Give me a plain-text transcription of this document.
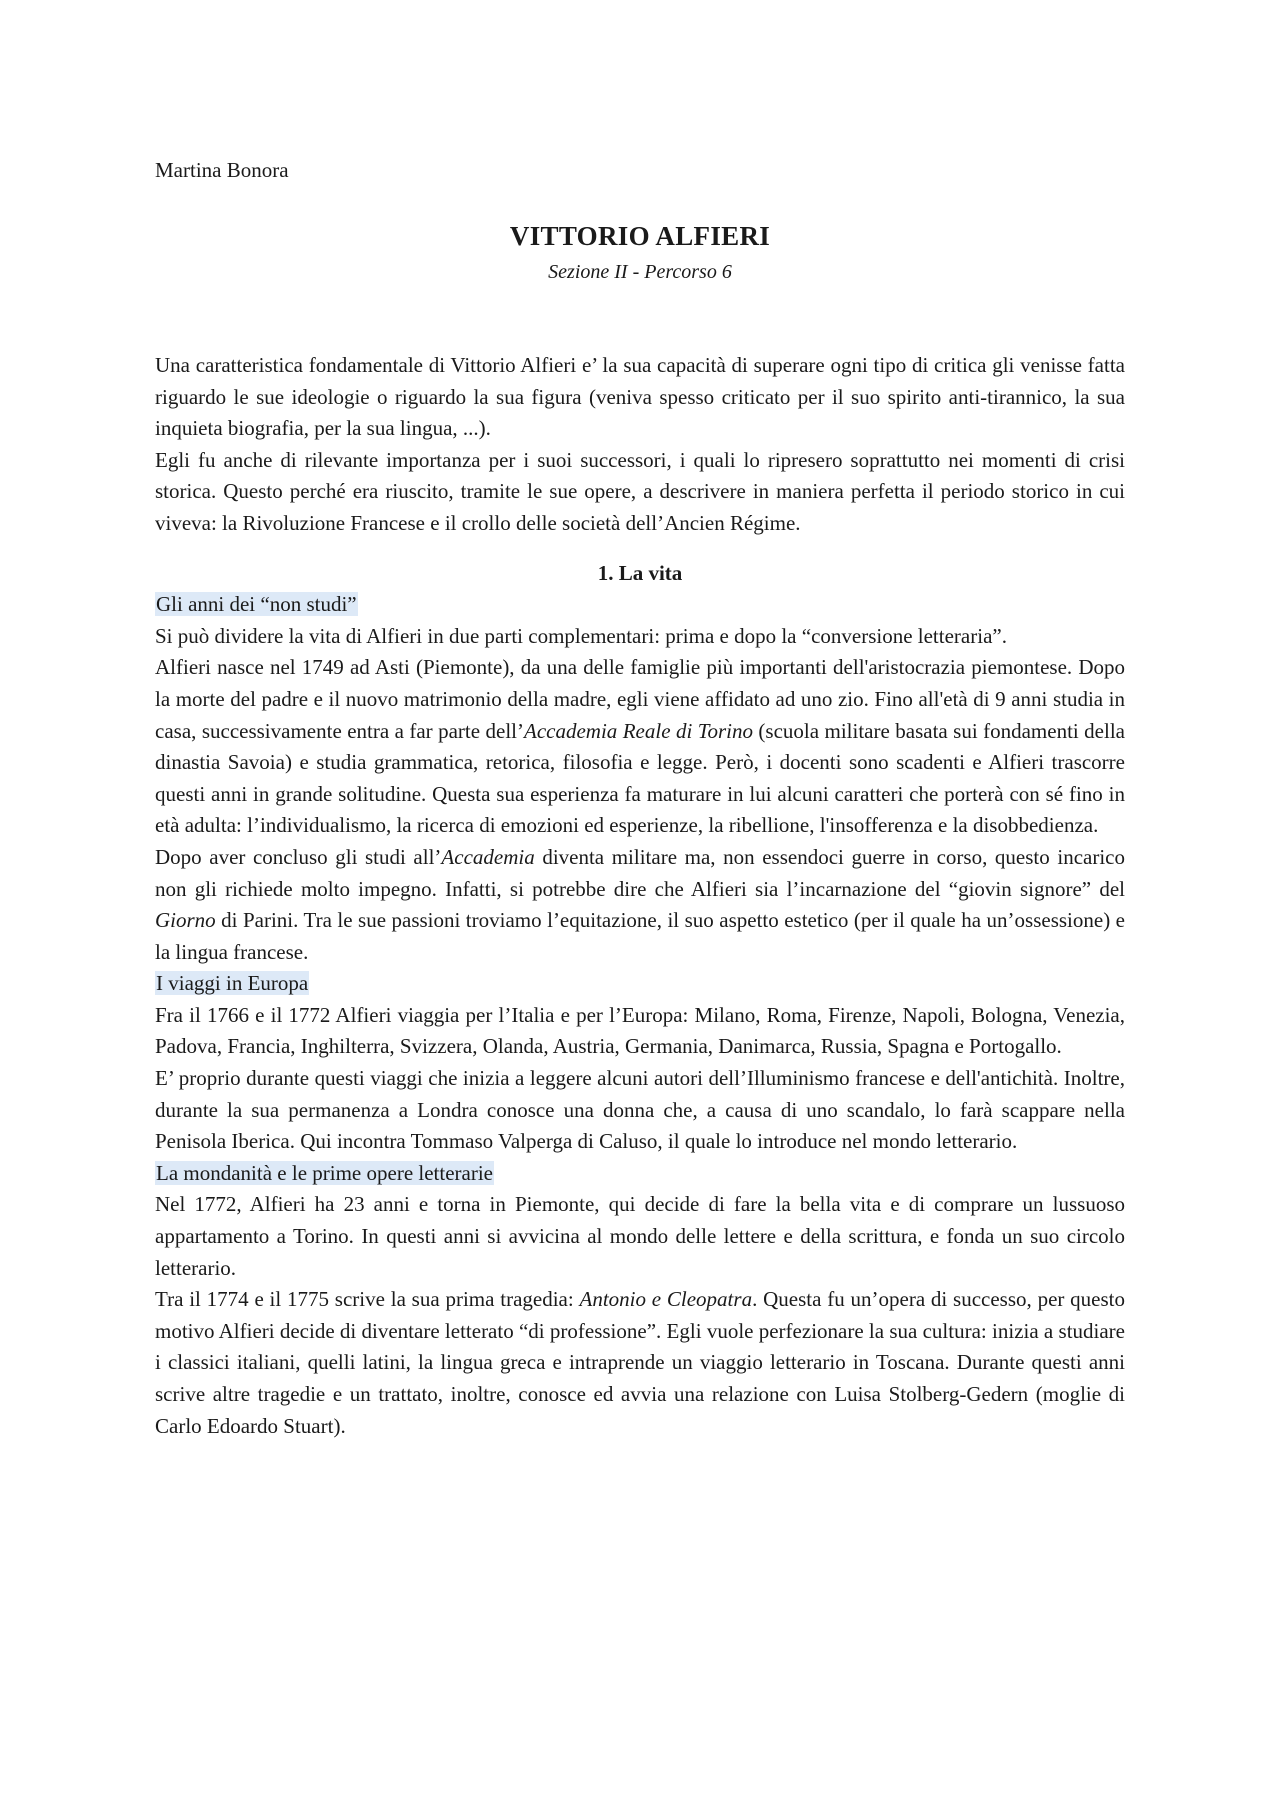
Martina Bonora
VITTORIO ALFIERI
Sezione II - Percorso 6

Una caratteristica fondamentale di Vittorio Alfieri e’ la sua capacità di superare ogni tipo di critica gli venisse fatta riguardo le sue ideologie o riguardo la sua figura (veniva spesso criticato per il suo spirito anti-tirannico, la sua inquieta biografia, per la sua lingua, ...).

Egli fu anche di rilevante importanza per i suoi successori, i quali lo ripresero soprattutto nei momenti di crisi storica. Questo perché era riuscito, tramite le sue opere, a descrivere in maniera perfetta il periodo storico in cui viveva: la Rivoluzione Francese e il crollo delle società dell’Ancien Régime.

1. La vita

Gli anni dei “non studi”

Si può dividere la vita di Alfieri in due parti complementari: prima e dopo la “conversione letteraria”.

Alfieri nasce nel 1749 ad Asti (Piemonte), da una delle famiglie più importanti dell'aristocrazia piemontese. Dopo la morte del padre e il nuovo matrimonio della madre, egli viene affidato ad uno zio. Fino all'età di 9 anni studia in casa, successivamente entra a far parte dell’Accademia Reale di Torino (scuola militare basata sui fondamenti della dinastia Savoia) e studia grammatica, retorica, filosofia e legge. Però, i docenti sono scadenti e Alfieri trascorre questi anni in grande solitudine. Questa sua esperienza fa maturare in lui alcuni caratteri che porterà con sé fino in età adulta: l’individualismo, la ricerca di emozioni ed esperienze, la ribellione, l'insofferenza e la disobbedienza.

Dopo aver concluso gli studi all’Accademia diventa militare ma, non essendoci guerre in corso, questo incarico non gli richiede molto impegno. Infatti, si potrebbe dire che Alfieri sia l’incarnazione del “giovin signore” del Giorno di Parini. Tra le sue passioni troviamo l’equitazione, il suo aspetto estetico (per il quale ha un’ossessione) e la lingua francese.

I viaggi in Europa

Fra il 1766 e il 1772 Alfieri viaggia per l’Italia e per l’Europa: Milano, Roma, Firenze, Napoli, Bologna, Venezia, Padova, Francia, Inghilterra, Svizzera, Olanda, Austria, Germania, Danimarca, Russia, Spagna e Portogallo.

E’ proprio durante questi viaggi che inizia a leggere alcuni autori dell’Illuminismo francese e dell'antichità. Inoltre, durante la sua permanenza a Londra conosce una donna che, a causa di uno scandalo, lo farà scappare nella Penisola Iberica. Qui incontra Tommaso Valperga di Caluso, il quale lo introduce nel mondo letterario.

La mondanità e le prime opere letterarie

Nel 1772, Alfieri ha 23 anni e torna in Piemonte, qui decide di fare la bella vita e di comprare un lussuoso appartamento a Torino. In questi anni si avvicina al mondo delle lettere e della scrittura, e fonda un suo circolo letterario.

Tra il 1774 e il 1775 scrive la sua prima tragedia: Antonio e Cleopatra. Questa fu un’opera di successo, per questo motivo Alfieri decide di diventare letterato “di professione”. Egli vuole perfezionare la sua cultura: inizia a studiare i classici italiani, quelli latini, la lingua greca e intraprende un viaggio letterario in Toscana. Durante questi anni scrive altre tragedie e un trattato, inoltre, conosce ed avvia una relazione con Luisa Stolberg-Gedern (moglie di Carlo Edoardo Stuart).
